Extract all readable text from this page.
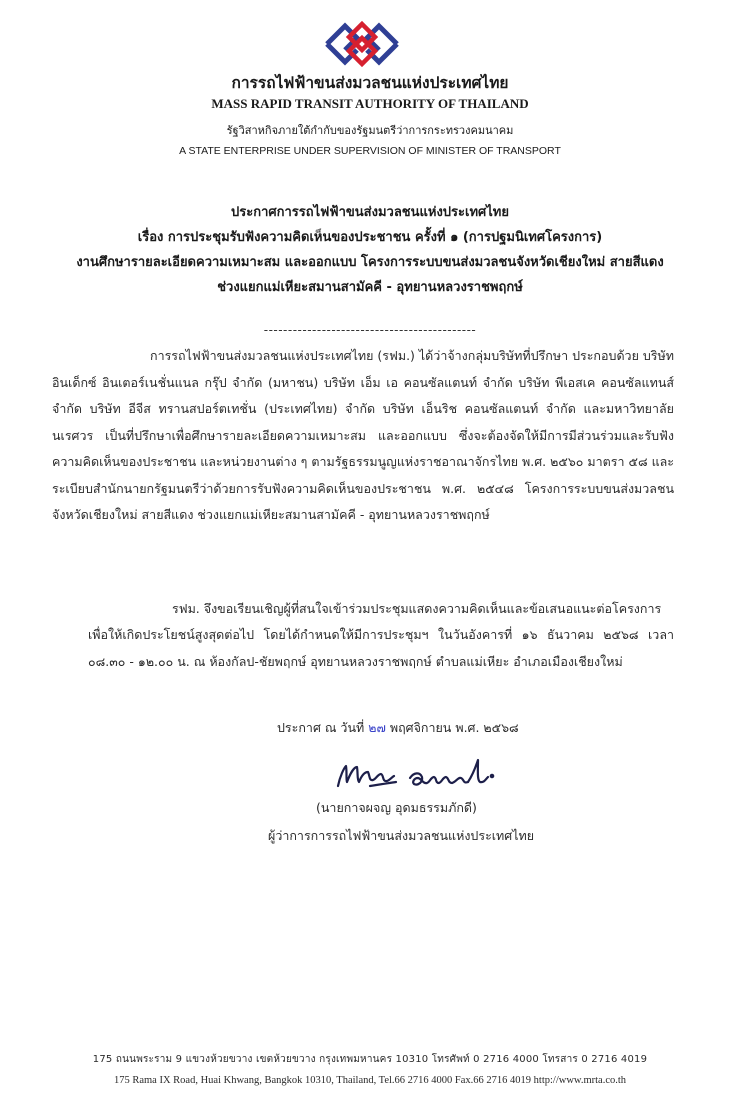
การรถไฟฟ้าขนส่งมวลชนแห่งประเทศไทย
MASS RAPID TRANSIT AUTHORITY OF THAILAND
รัฐวิสาหกิจภายใต้กำกับของรัฐมนตรีว่าการกระทรวงคมนาคม
A STATE ENTERPRISE UNDER SUPERVISION OF MINISTER OF TRANSPORT
ประกาศการรถไฟฟ้าขนส่งมวลชนแห่งประเทศไทย
เรื่อง การประชุมรับฟังความคิดเห็นของประชาชน ครั้งที่ ๑ (การปฐมนิเทศโครงการ)
งานศึกษารายละเอียดความเหมาะสม และออกแบบ โครงการระบบขนส่งมวลชนจังหวัดเชียงใหม่ สายสีแดง
ช่วงแยกแม่เหียะสมานสามัคคี - อุทยานหลวงราชพฤกษ์
--------------------------------------------
การรถไฟฟ้าขนส่งมวลชนแห่งประเทศไทย (รฟม.) ได้ว่าจ้างกลุ่มบริษัทที่ปรึกษา ประกอบด้วย บริษัท อินเด็กซ์ อินเตอร์เนชั่นแนล กรุ๊ป จำกัด (มหาชน) บริษัท เอ็ม เอ คอนซัลแตนท์ จำกัด บริษัท พีเอสเค คอนซัลแทนส์ จำกัด บริษัท อีจีส ทรานสปอร์ตเทชั่น (ประเทศไทย) จำกัด บริษัท เอ็นริช คอนซัลแตนท์ จำกัด และมหาวิทยาลัยนเรศวร เป็นที่ปรึกษาเพื่อศึกษารายละเอียดความเหมาะสม และออกแบบ ซึ่งจะต้องจัดให้มีการมีส่วนร่วมและรับฟังความคิดเห็นของประชาชน และหน่วยงานต่าง ๆ ตามรัฐธรรมนูญแห่งราชอาณาจักรไทย พ.ศ. ๒๕๖๐ มาตรา ๕๘ และระเบียบสำนักนายกรัฐมนตรีว่าด้วยการรับฟังความคิดเห็นของประชาชน พ.ศ. ๒๕๔๘ โครงการระบบขนส่งมวลชนจังหวัดเชียงใหม่ สายสีแดง ช่วงแยกแม่เหียะสมานสามัคคี - อุทยานหลวงราชพฤกษ์
รฟม. จึงขอเรียนเชิญผู้ที่สนใจเข้าร่วมประชุมแสดงความคิดเห็นและข้อเสนอแนะต่อโครงการ
เพื่อให้เกิดประโยชน์สูงสุดต่อไป โดยได้กำหนดให้มีการประชุมฯ ในวันอังคารที่ ๑๖ ธันวาคม ๒๕๖๘ เวลา ๐๘.๓๐ - ๑๒.๐๐ น. ณ ห้องกัลป-ชัยพฤกษ์ อุทยานหลวงราชพฤกษ์ ตำบลแม่เหียะ อำเภอเมืองเชียงใหม่
ประกาศ ณ วันที่ ๒๗ พฤศจิกายน พ.ศ. ๒๕๖๘
(นายกาจผจญ อุดมธรรมภักดี)
ผู้ว่าการการรถไฟฟ้าขนส่งมวลชนแห่งประเทศไทย
175 ถนนพระราม 9 แขวงห้วยขวาง เขตห้วยขวาง กรุงเทพมหานคร 10310 โทรศัพท์ 0 2716 4000 โทรสาร 0 2716 4019
175 Rama IX Road, Huai Khwang, Bangkok 10310, Thailand, Tel.66 2716 4000 Fax.66 2716 4019 http://www.mrta.co.th
